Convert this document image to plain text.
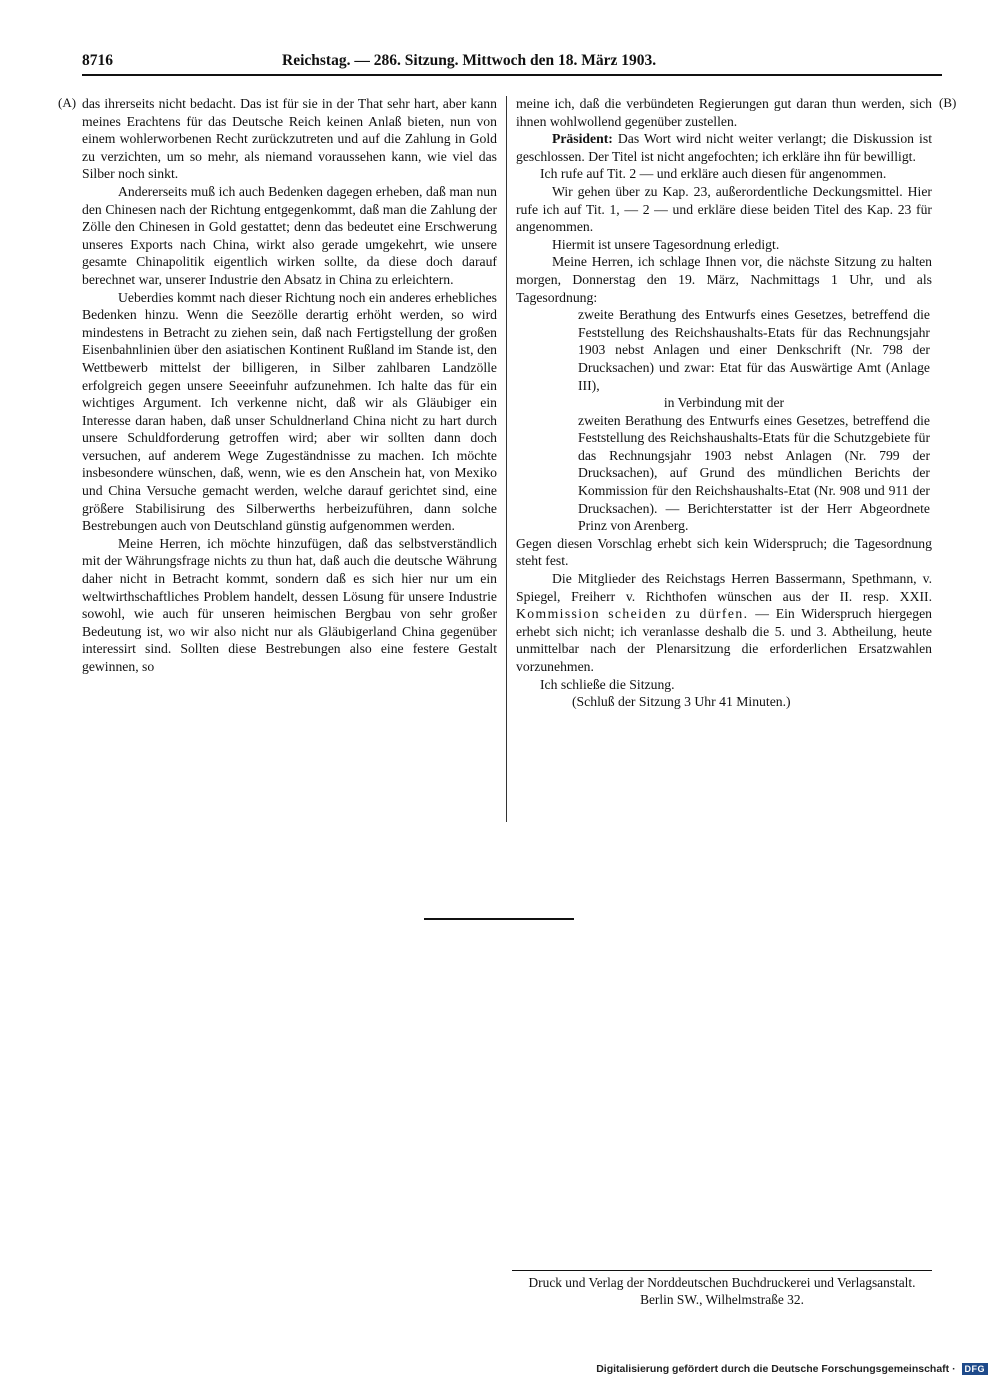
8716	Reichstag. — 286. Sitzung. Mittwoch den 18. März 1903.
(A)	(B)

das ihrerseits nicht bedacht. Das ist für sie in der That sehr hart, aber kann meines Erachtens für das Deutsche Reich keinen Anlaß bieten, nun von einem wohlerworbenen Recht zurückzutreten und auf die Zahlung in Gold zu verzichten, um so mehr, als niemand voraussehen kann, wie viel das Silber noch sinkt.

Andererseits muß ich auch Bedenken dagegen erheben, daß man nun den Chinesen nach der Richtung entgegenkommt, daß man die Zahlung der Zölle den Chinesen in Gold gestattet; denn das bedeutet eine Erschwerung unseres Exports nach China, wirkt also gerade umgekehrt, wie unsere gesamte Chinapolitik eigentlich wirken sollte, da diese doch darauf berechnet war, unserer Industrie den Absatz in China zu erleichtern.

Ueberdies kommt nach dieser Richtung noch ein anderes erhebliches Bedenken hinzu. Wenn die Seezölle derartig erhöht werden, so wird mindestens in Betracht zu ziehen sein, daß nach Fertigstellung der großen Eisenbahnlinien über den asiatischen Kontinent Rußland im Stande ist, den Wettbewerb mittelst der billigeren, in Silber zahlbaren Landzölle erfolgreich gegen unsere Seeeinfuhr aufzunehmen. Ich halte das für ein wichtiges Argument. Ich verkenne nicht, daß wir als Gläubiger ein Interesse daran haben, daß unser Schuldnerland China nicht zu hart durch unsere Schuldforderung getroffen wird; aber wir sollten dann doch versuchen, auf anderem Wege Zugeständnisse zu machen. Ich möchte insbesondere wünschen, daß, wenn, wie es den Anschein hat, von Mexiko und China Versuche gemacht werden, welche darauf gerichtet sind, eine größere Stabilisirung des Silberwerths herbeizuführen, dann solche Bestrebungen auch von Deutschland günstig aufgenommen werden.

Meine Herren, ich möchte hinzufügen, daß das selbstverständlich mit der Währungsfrage nichts zu thun hat, daß auch die deutsche Währung daher nicht in Betracht kommt, sondern daß es sich hier nur um ein weltwirthschaftliches Problem handelt, dessen Lösung für unsere Industrie sowohl, wie auch für unseren heimischen Bergbau von sehr großer Bedeutung ist, wo wir also nicht nur als Gläubigerland China gegenüber interessirt sind. Sollten diese Bestrebungen also eine festere Gestalt gewinnen, so

meine ich, daß die verbündeten Regierungen gut daran thun werden, sich ihnen wohlwollend gegenüber zustellen.

Präsident: Das Wort wird nicht weiter verlangt; die Diskussion ist geschlossen. Der Titel ist nicht angefochten; ich erkläre ihn für bewilligt.

Ich rufe auf Tit. 2 — und erkläre auch diesen für angenommen.

Wir gehen über zu Kap. 23, außerordentliche Deckungsmittel. Hier rufe ich auf Tit. 1, — 2 — und erkläre diese beiden Titel des Kap. 23 für angenommen.

Hiermit ist unsere Tagesordnung erledigt.

Meine Herren, ich schlage Ihnen vor, die nächste Sitzung zu halten morgen, Donnerstag den 19. März, Nachmittags 1 Uhr, und als Tagesordnung:

zweite Berathung des Entwurfs eines Gesetzes, betreffend die Feststellung des Reichshaushalts-Etats für das Rechnungsjahr 1903 nebst Anlagen und einer Denkschrift (Nr. 798 der Drucksachen) und zwar: Etat für das Auswärtige Amt (Anlage III),

in Verbindung mit der

zweiten Berathung des Entwurfs eines Gesetzes, betreffend die Feststellung des Reichshaushalts-Etats für die Schutzgebiete für das Rechnungsjahr 1903 nebst Anlagen (Nr. 799 der Drucksachen), auf Grund des mündlichen Berichts der Kommission für den Reichshaushalts-Etat (Nr. 908 und 911 der Drucksachen). — Berichterstatter ist der Herr Abgeordnete Prinz von Arenberg.

Gegen diesen Vorschlag erhebt sich kein Widerspruch; die Tagesordnung steht fest.

Die Mitglieder des Reichstags Herren Bassermann, Spethmann, v. Spiegel, Freiherr v. Richthofen wünschen aus der II. resp. XXII. Kommission scheiden zu dürfen. — Ein Widerspruch hiergegen erhebt sich nicht; ich veranlasse deshalb die 5. und 3. Abtheilung, heute unmittelbar nach der Plenarsitzung die erforderlichen Ersatzwahlen vorzunehmen.

Ich schließe die Sitzung.

(Schluß der Sitzung 3 Uhr 41 Minuten.)

Druck und Verlag der Norddeutschen Buchdruckerei und Verlagsanstalt.
Berlin SW., Wilhelmstraße 32.
Digitalisierung gefördert durch die Deutsche Forschungsgemeinschaft · DFG
